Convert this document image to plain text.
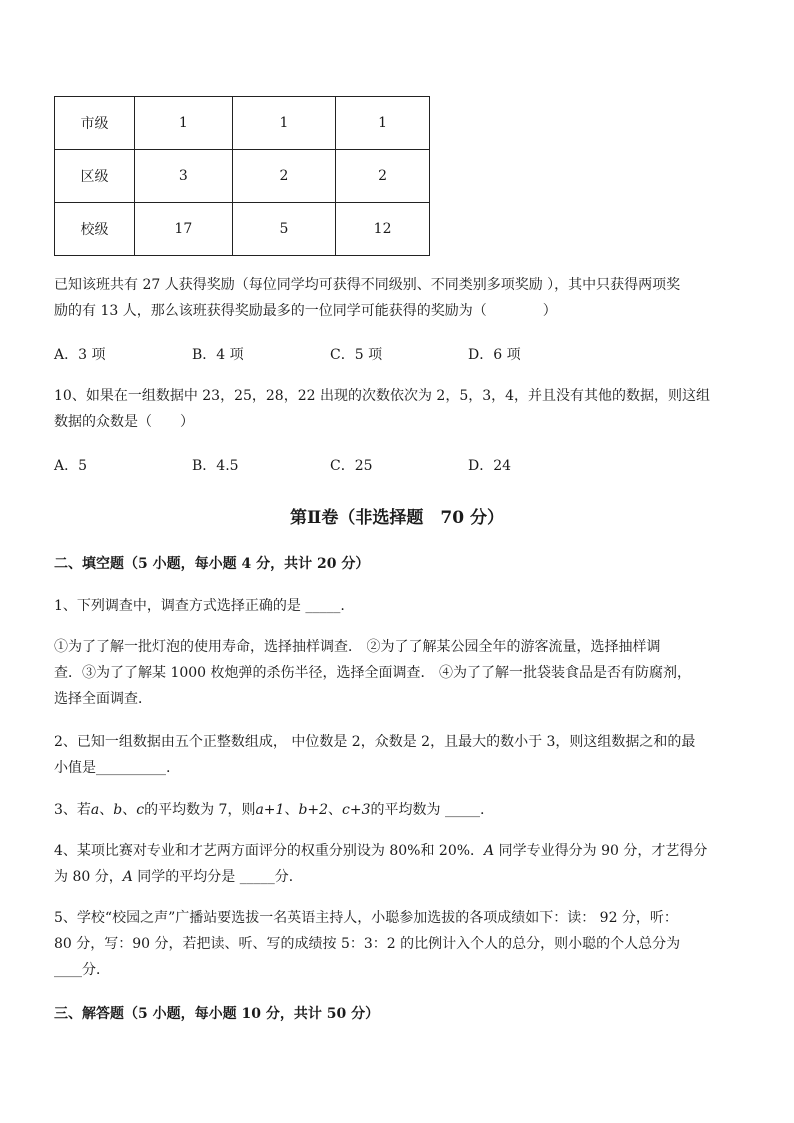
市级	1	1	1
区级	3	2	2
校级	17	5	12
已知该班共有 27 人获得奖励（每位同学均可获得不同级别、不同类别多项奖励 ），其中只获得两项奖
励的有 13 人，那么该班获得奖励最多的一位同学可能获得的奖励为（　　　　）
A．3 项	B．4 项	C．5 项	D．6 项
10、如果在一组数据中 23，25，28，22 出现的次数依次为 2，5，3，4，并且没有其他的数据，则这组
数据的众数是（　　）
A．5	B．4.5	C．25	D．24
第Ⅱ卷（非选择题　70 分）
二、填空题（5 小题，每小题 4 分，共计 20 分）
1、下列调查中，调查方式选择正确的是 _____.
①为了了解一批灯泡的使用寿命，选择抽样调查． ②为了了解某公园全年的游客流量，选择抽样调
查．③为了了解某 1000 枚炮弹的杀伤半径，选择全面调查． ④为了了解一批袋装食品是否有防腐剂，
选择全面调查．
2、已知一组数据由五个正整数组成， 中位数是 2，众数是 2，且最大的数小于 3，则这组数据之和的最
小值是__________.
3、若a、b、c的平均数为 7，则a+1、b+2、c+3的平均数为 _____.
4、某项比赛对专业和才艺两方面评分的权重分别设为 80%和 20%．A 同学专业得分为 90 分，才艺得分
为 80 分，A 同学的平均分是 _____分．
5、学校“校园之声”广播站要选拔一名英语主持人，小聪参加选拔的各项成绩如下：读： 92 分，听：
80 分，写：90 分，若把读、听、写的成绩按 5：3：2 的比例计入个人的总分，则小聪的个人总分为
____分．
三、解答题（5 小题，每小题 10 分，共计 50 分）
